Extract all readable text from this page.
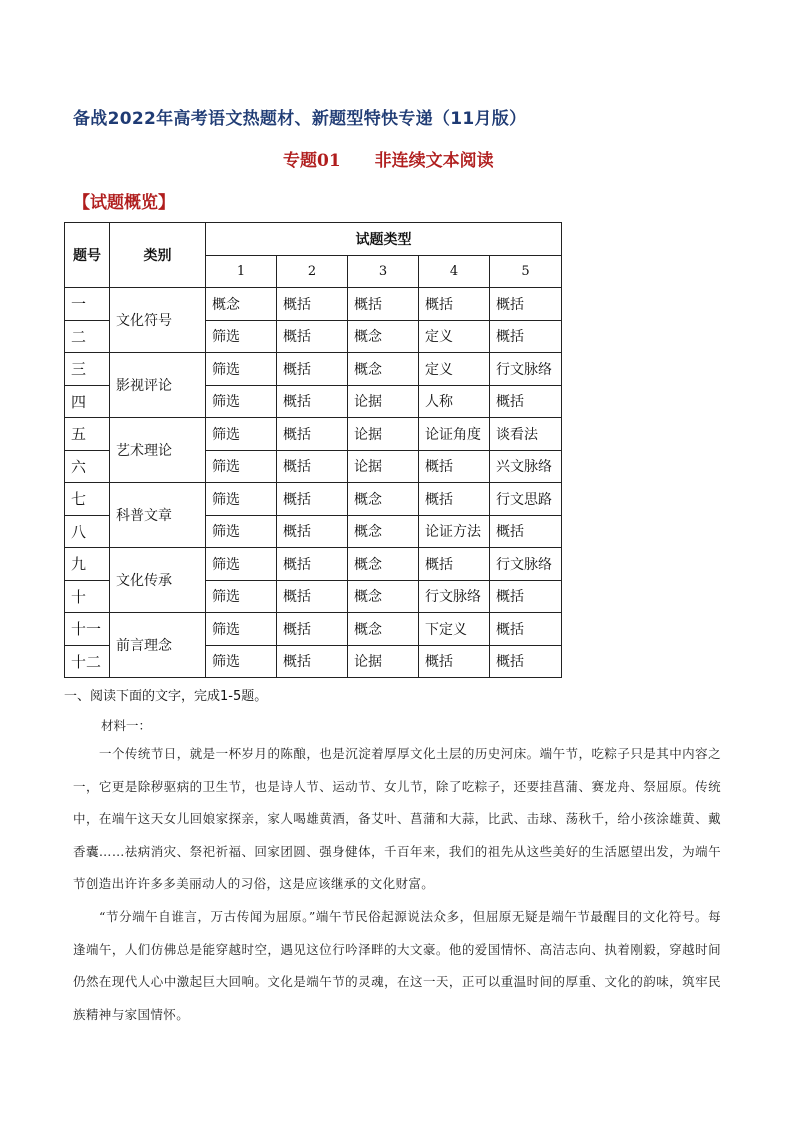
备战2022年高考语文热题材、新题型特快专递（11月版）
专题01　　非连续文本阅读
【试题概览】
题号	类别	试题类型				
		1	2	3	4	5
一	文化符号	概念	概括	概括	概括	概括
二		筛选	概括	概念	定义	概括
三	影视评论	筛选	概括	概念	定义	行文脉络
四		筛选	概括	论据	人称	概括
五	艺术理论	筛选	概括	论据	论证角度	谈看法
六		筛选	概括	论据	概括	兴文脉络
七	科普文章	筛选	概括	概念	概括	行文思路
八		筛选	概括	概念	论证方法	概括
九	文化传承	筛选	概括	概念	概括	行文脉络
十		筛选	概括	概念	行文脉络	概括
十一	前言理念	筛选	概括	概念	下定义	概括
十二		筛选	概括	论据	概括	概括
一、阅读下面的文字，完成1-5题。
材料一：

一个传统节日，就是一杯岁月的陈酿，也是沉淀着厚厚文化土层的历史河床。端午节，吃粽子只是其中内容之一，它更是除秽驱病的卫生节，也是诗人节、运动节、女儿节，除了吃粽子，还要挂菖蒲、赛龙舟、祭屈原。传统中，在端午这天女儿回娘家探亲，家人喝雄黄酒，备艾叶、菖蒲和大蒜，比武、击球、荡秋千，给小孩涂雄黄、戴香囊……祛病消灾、祭祀祈福、回家团圆、强身健体，千百年来，我们的祖先从这些美好的生活愿望出发，为端午节创造出许许多多美丽动人的习俗，这是应该继承的文化财富。

“节分端午自谁言，万古传闻为屈原。”端午节民俗起源说法众多，但屈原无疑是端午节最醒目的文化符号。每逢端午，人们仿佛总是能穿越时空，遇见这位行吟泽畔的大文豪。他的爱国情怀、高洁志向、执着刚毅，穿越时间仍然在现代人心中激起巨大回响。文化是端午节的灵魂，在这一天，正可以重温时间的厚重、文化的韵味，筑牢民族精神与家国情怀。
